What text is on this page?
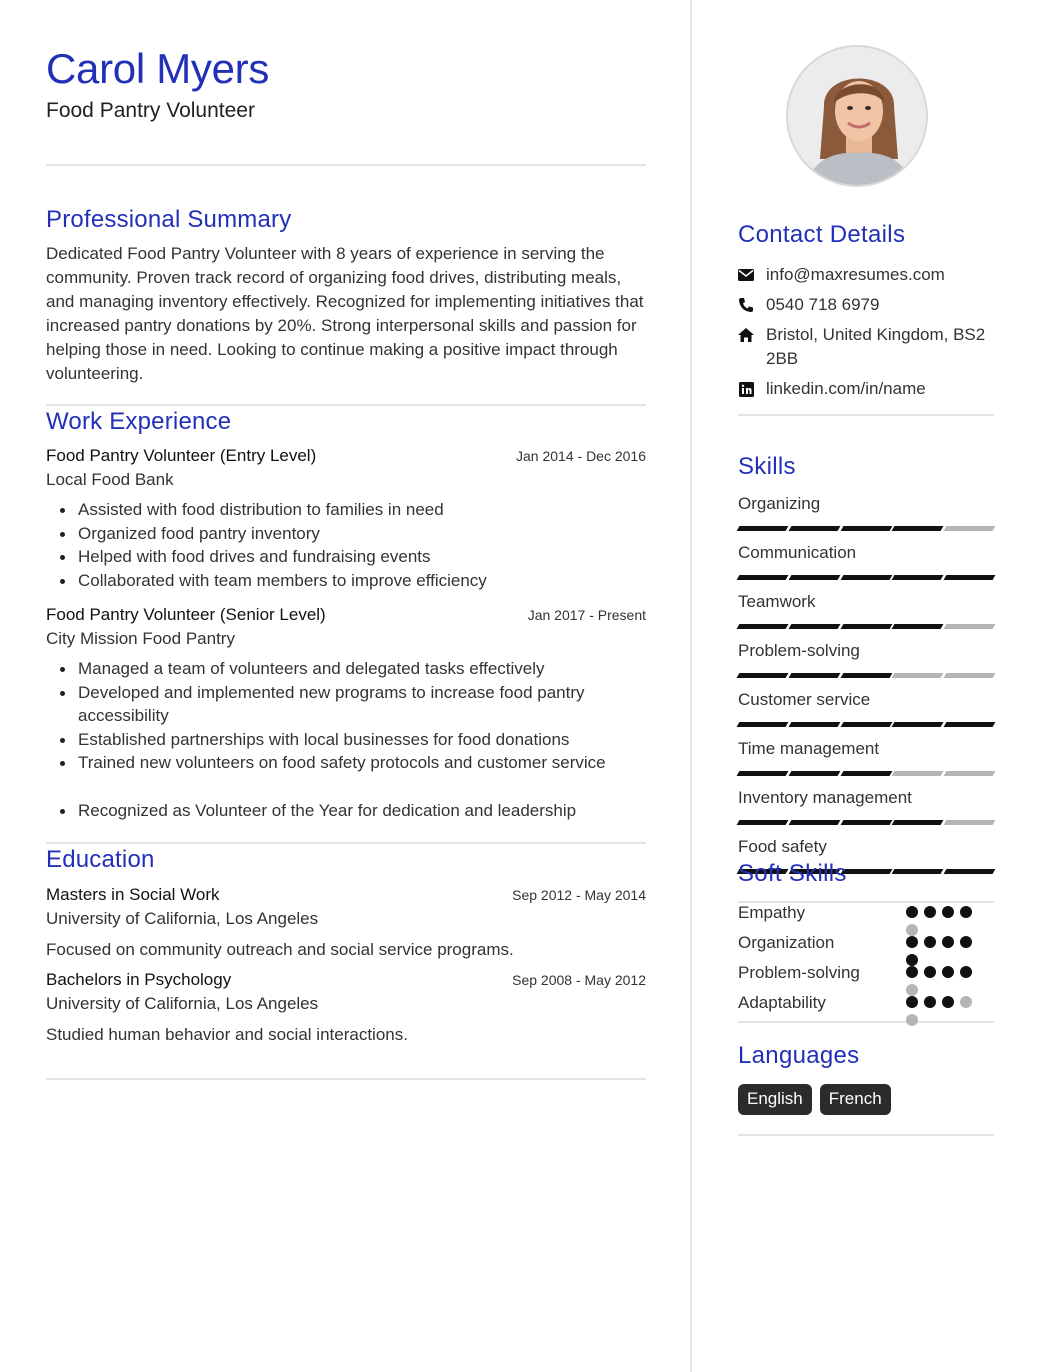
Carol Myers
Food Pantry Volunteer
Professional Summary

Dedicated Food Pantry Volunteer with 8 years of experience in serving the community. Proven track record of organizing food drives, distributing meals, and managing inventory effectively. Recognized for implementing initiatives that increased pantry donations by 20%. Strong interpersonal skills and passion for helping those in need. Looking to continue making a positive impact through volunteering.

Work Experience
Food Pantry Volunteer (Entry Level)	Jan 2014 - Dec 2016
Local Food Bank
Assisted with food distribution to families in need
Organized food pantry inventory
Helped with food drives and fundraising events
Collaborated with team members to improve efficiency
Food Pantry Volunteer (Senior Level)	Jan 2017 - Present
City Mission Food Pantry
Managed a team of volunteers and delegated tasks effectively
Developed and implemented new programs to increase food pantry accessibility
Established partnerships with local businesses for food donations
Trained new volunteers on food safety protocols and customer service
Recognized as Volunteer of the Year for dedication and leadership
Education
Masters in Social Work	Sep 2012 - May 2014
University of California, Los Angeles
Focused on community outreach and social service programs.
Bachelors in Psychology	Sep 2008 - May 2012
University of California, Los Angeles
Studied human behavior and social interactions.
Contact Details
info@maxresumes.com
0540 718 6979
Bristol, United Kingdom, BS2 2BB
linkedin.com/in/name
Skills
Organizing
Communication
Teamwork
Problem-solving
Customer service
Time management
Inventory management
Food safety
Soft Skills
Empathy
Organization
Problem-solving
Adaptability
Languages
English	French
